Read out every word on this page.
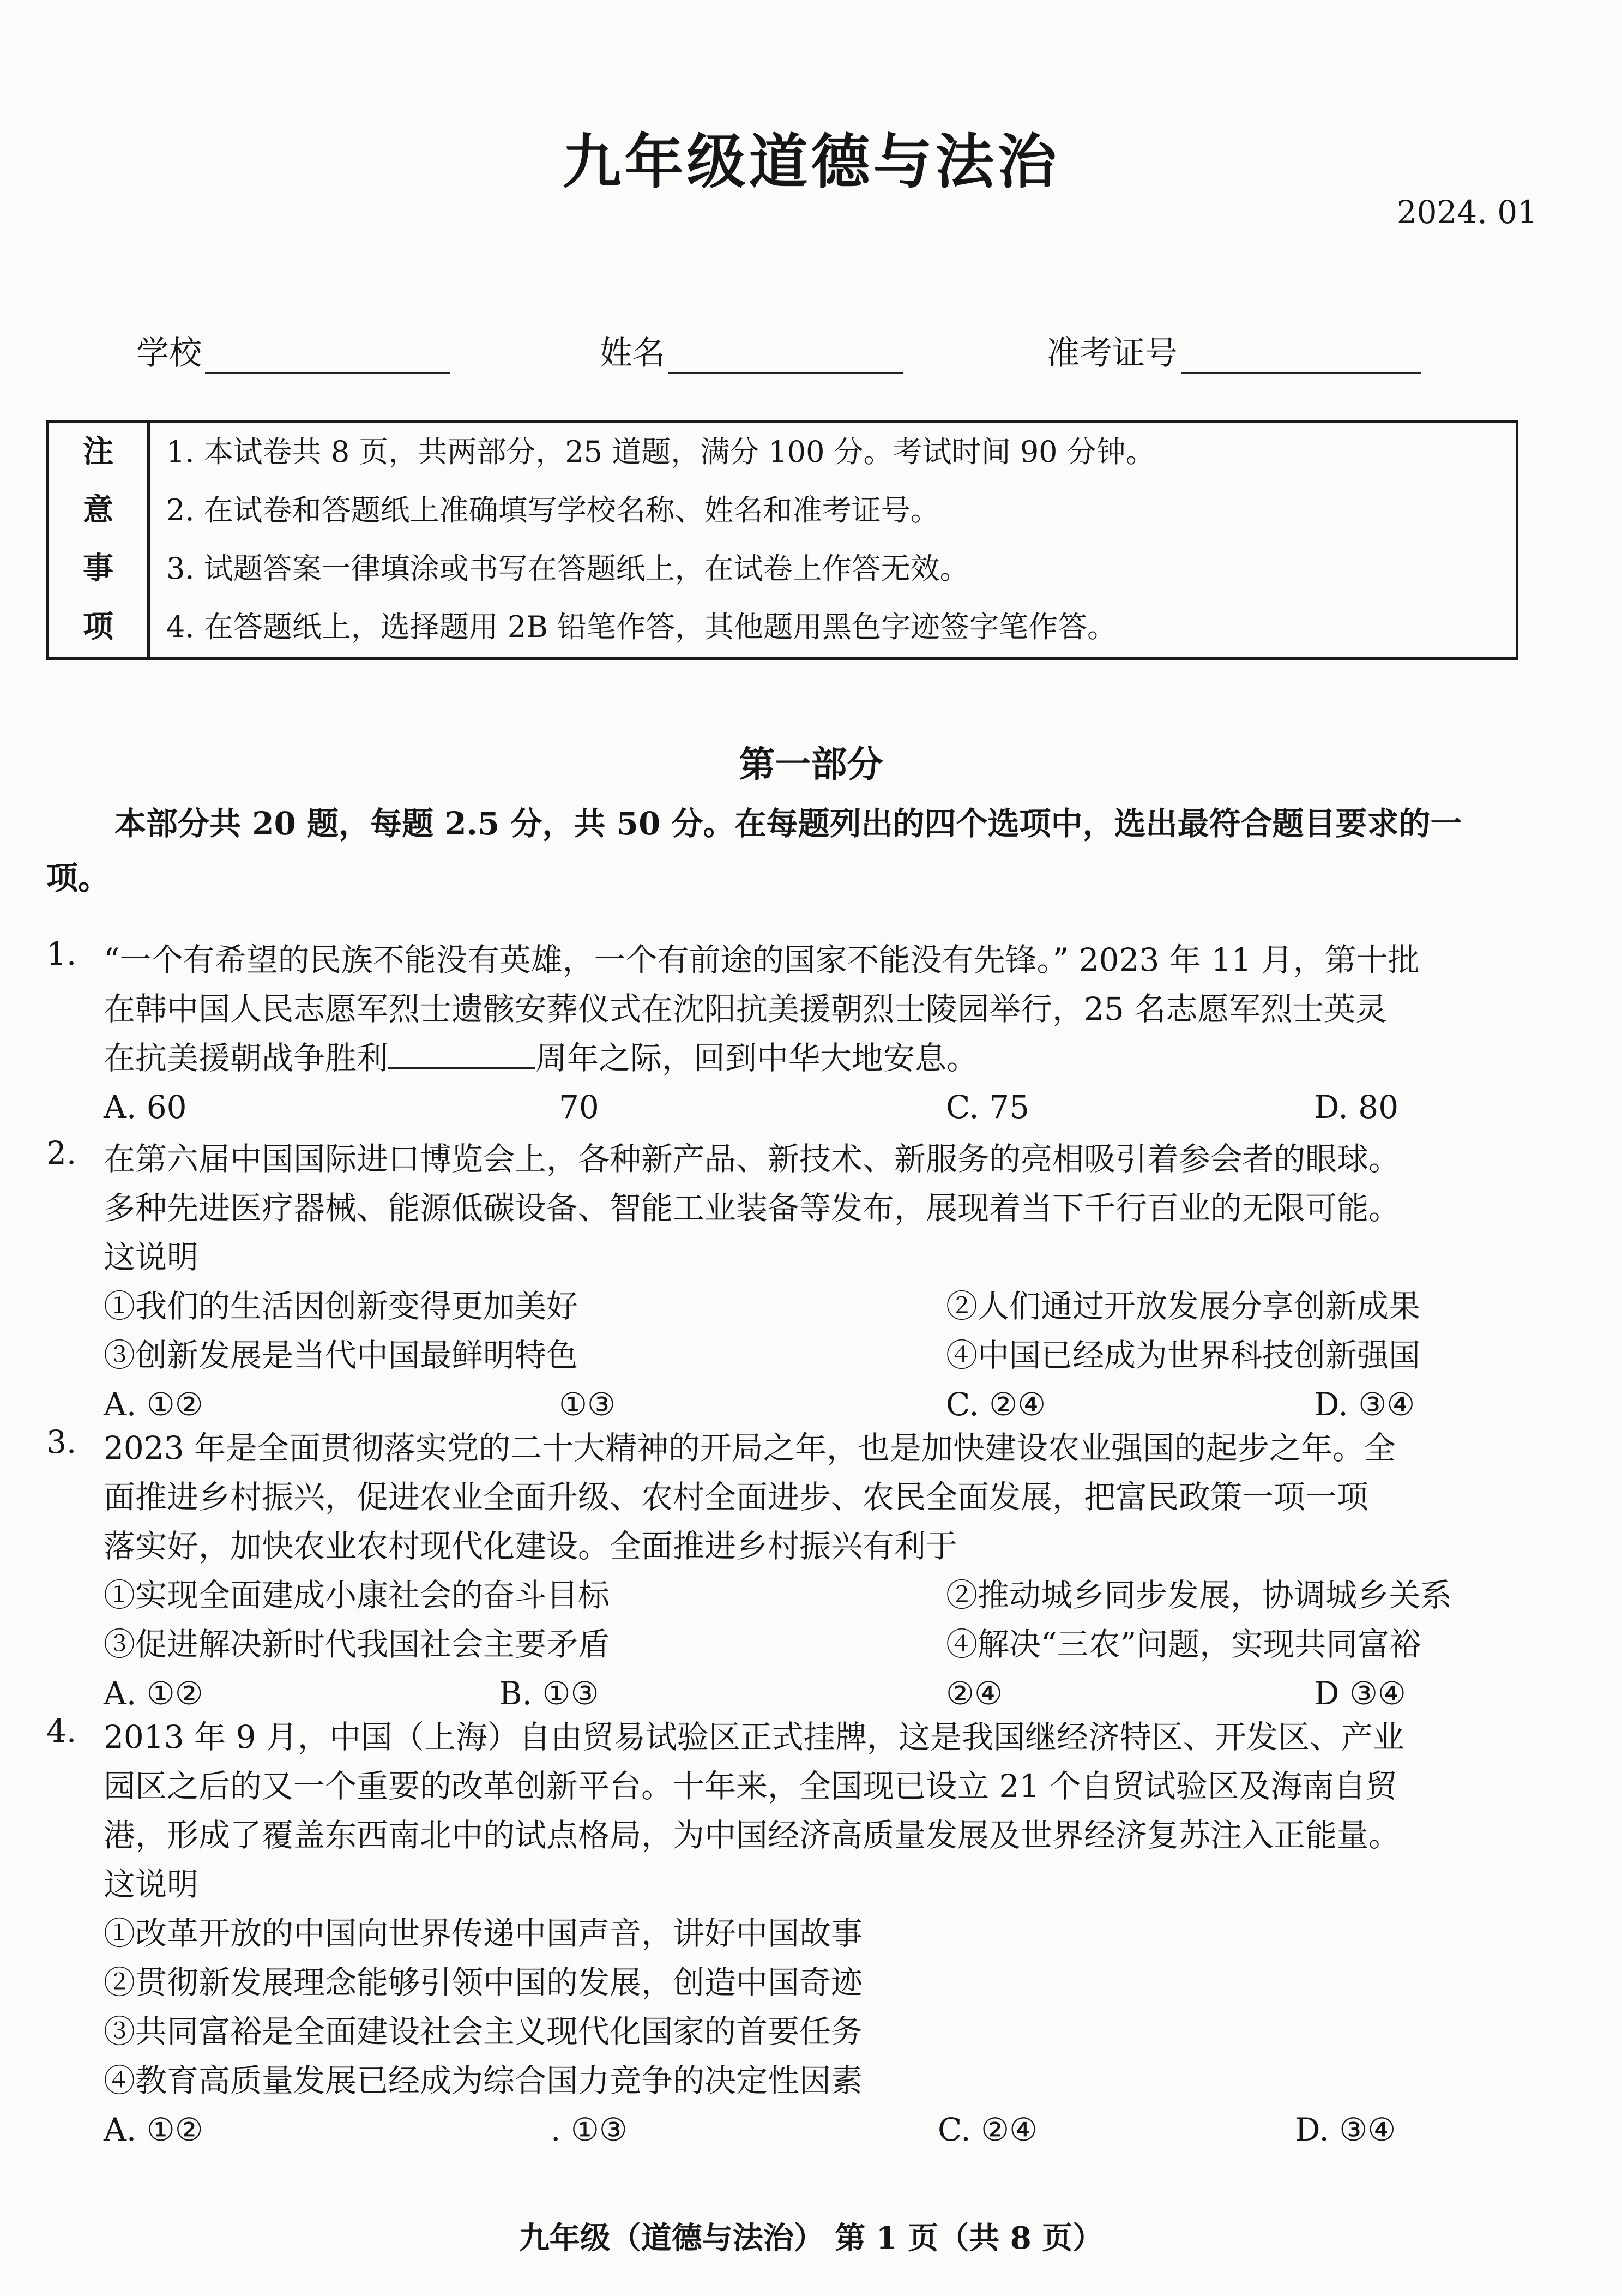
九年级道德与法治
2024. 01
学校	姓名	准考证号
注
意
事
项
1. 本试卷共 8 页，共两部分，25 道题，满分 100 分。考试时间 90 分钟。
2. 在试卷和答题纸上准确填写学校名称、姓名和准考证号。
3. 试题答案一律填涂或书写在答题纸上，在试卷上作答无效。
4. 在答题纸上，选择题用 2B 铅笔作答，其他题用黑色字迹签字笔作答。
第一部分
本部分共 20 题，每题 2.5 分，共 50 分。在每题列出的四个选项中，选出最符合题目要求的一项。
1. “一个有希望的民族不能没有英雄，一个有前途的国家不能没有先锋。” 2023 年 11 月，第十批
在韩中国人民志愿军烈士遗骸安葬仪式在沈阳抗美援朝烈士陵园举行，25 名志愿军烈士英灵
在抗美援朝战争胜利	周年之际，回到中华大地安息。
A. 60	70	C. 75	D. 80
2. 在第六届中国国际进口博览会上，各种新产品、新技术、新服务的亮相吸引着参会者的眼球。
多种先进医疗器械、能源低碳设备、智能工业装备等发布，展现着当下千行百业的无限可能。
这说明
①我们的生活因创新变得更加美好	②人们通过开放发展分享创新成果
③创新发展是当代中国最鲜明特色	④中国已经成为世界科技创新强国
A. ①②	①③	C. ②④	D. ③④
3. 2023 年是全面贯彻落实党的二十大精神的开局之年，也是加快建设农业强国的起步之年。全
面推进乡村振兴，促进农业全面升级、农村全面进步、农民全面发展，把富民政策一项一项
落实好，加快农业农村现代化建设。全面推进乡村振兴有利于
①实现全面建成小康社会的奋斗目标	②推动城乡同步发展，协调城乡关系
③促进解决新时代我国社会主要矛盾	④解决“三农”问题，实现共同富裕
A. ①②	B. ①③	②④	D ③④
4. 2013 年 9 月，中国（上海）自由贸易试验区正式挂牌，这是我国继经济特区、开发区、产业
园区之后的又一个重要的改革创新平台。十年来，全国现已设立 21 个自贸试验区及海南自贸
港，形成了覆盖东西南北中的试点格局，为中国经济高质量发展及世界经济复苏注入正能量。
这说明
①改革开放的中国向世界传递中国声音，讲好中国故事
②贯彻新发展理念能够引领中国的发展，创造中国奇迹
③共同富裕是全面建设社会主义现代化国家的首要任务
④教育高质量发展已经成为综合国力竞争的决定性因素
A. ①②	. ①③	C. ②④	D. ③④
九年级（道德与法治） 第 1 页（共 8 页）
